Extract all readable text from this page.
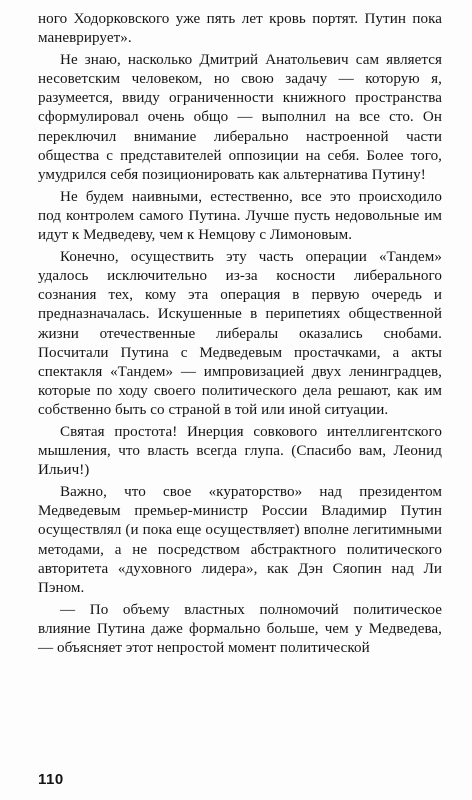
ного Ходорковского уже пять лет кровь портят. Путин пока маневрирует».

Не знаю, насколько Дмитрий Анатольевич сам является несоветским человеком, но свою задачу — которую я, разумеется, ввиду ограниченности книжного пространства сформулировал очень общо — выполнил на все сто. Он переключил внимание либерально настроенной части общества с представителей оппозиции на себя. Более того, умудрился себя позиционировать как альтернатива Путину!

Не будем наивными, естественно, все это происходило под контролем самого Путина. Лучше пусть недовольные им идут к Медведеву, чем к Немцову с Лимоновым.

Конечно, осуществить эту часть операции «Тандем» удалось исключительно из-за косности либерального сознания тех, кому эта операция в первую очередь и предназначалась. Искушенные в перипетиях общественной жизни отечественные либералы оказались снобами. Посчитали Путина с Медведевым простачками, а акты спектакля «Тандем» — импровизацией двух ленинградцев, которые по ходу своего политического дела решают, как им собственно быть со страной в той или иной ситуации.

Святая простота! Инерция совкового интеллигентского мышления, что власть всегда глупа. (Спасибо вам, Леонид Ильич!)

Важно, что свое «кураторство» над президентом Медведевым премьер-министр России Владимир Путин осуществлял (и пока еще осуществляет) вполне легитимными методами, а не посредством абстрактного политического авторитета «духовного лидера», как Дэн Сяопин над Ли Пэном.

— По объему властных полномочий политическое влияние Путина даже формально больше, чем у Медведева, — объясняет этот непростой момент политической

110
